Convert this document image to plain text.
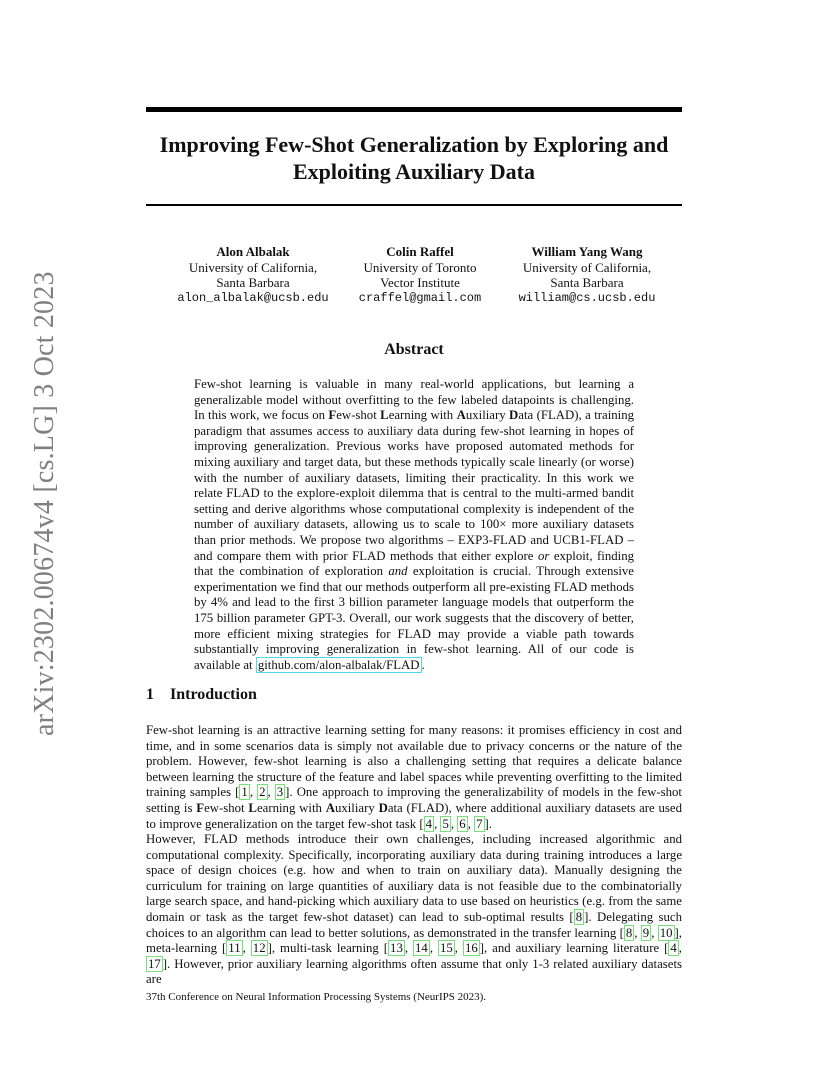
Improving Few-Shot Generalization by Exploring and Exploiting Auxiliary Data
arXiv:2302.00674v4 [cs.LG] 3 Oct 2023
Alon Albalak
University of California,
Santa Barbara
alon_albalak@ucsb.edu
Colin Raffel
University of Toronto
Vector Institute
craffel@gmail.com
William Yang Wang
University of California,
Santa Barbara
william@cs.ucsb.edu
Abstract
Few-shot learning is valuable in many real-world applications, but learning a generalizable model without overfitting to the few labeled datapoints is challenging. In this work, we focus on Few-shot Learning with Auxiliary Data (FLAD), a training paradigm that assumes access to auxiliary data during few-shot learning in hopes of improving generalization. Previous works have proposed automated methods for mixing auxiliary and target data, but these methods typically scale linearly (or worse) with the number of auxiliary datasets, limiting their practicality. In this work we relate FLAD to the explore-exploit dilemma that is central to the multi-armed bandit setting and derive algorithms whose computational complexity is independent of the number of auxiliary datasets, allowing us to scale to 100× more auxiliary datasets than prior methods. We propose two algorithms – EXP3-FLAD and UCB1-FLAD – and compare them with prior FLAD methods that either explore or exploit, finding that the combination of exploration and exploitation is crucial. Through extensive experimentation we find that our methods outperform all pre-existing FLAD methods by 4% and lead to the first 3 billion parameter language models that outperform the 175 billion parameter GPT-3. Overall, our work suggests that the discovery of better, more efficient mixing strategies for FLAD may provide a viable path towards substantially improving generalization in few-shot learning. All of our code is available at github.com/alon-albalak/FLAD .
1 Introduction

Few-shot learning is an attractive learning setting for many reasons: it promises efficiency in cost and time, and in some scenarios data is simply not available due to privacy concerns or the nature of the problem. However, few-shot learning is also a challenging setting that requires a delicate balance between learning the structure of the feature and label spaces while preventing overfitting to the limited training samples [ 1 , 2 , 3 ]. One approach to improving the generalizability of models in the few-shot setting is Few-shot Learning with Auxiliary Data (FLAD), where additional auxiliary datasets are used to improve generalization on the target few-shot task [ 4 , 5 , 6 , 7 ].

However, FLAD methods introduce their own challenges, including increased algorithmic and computational complexity. Specifically, incorporating auxiliary data during training introduces a large space of design choices (e.g. how and when to train on auxiliary data). Manually designing the curriculum for training on large quantities of auxiliary data is not feasible due to the combinatorially large search space, and hand-picking which auxiliary data to use based on heuristics (e.g. from the same domain or task as the target few-shot dataset) can lead to sub-optimal results [ 8 ]. Delegating such choices to an algorithm can lead to better solutions, as demonstrated in the transfer learning [ 8 , 9 , 10 ], meta-learning [ 11 , 12 ], multi-task learning [ 13 , 14 , 15 , 16 ], and auxiliary learning literature [ 4 , 17 ]. However, prior auxiliary learning algorithms often assume that only 1-3 related auxiliary datasets are

37th Conference on Neural Information Processing Systems (NeurIPS 2023).
